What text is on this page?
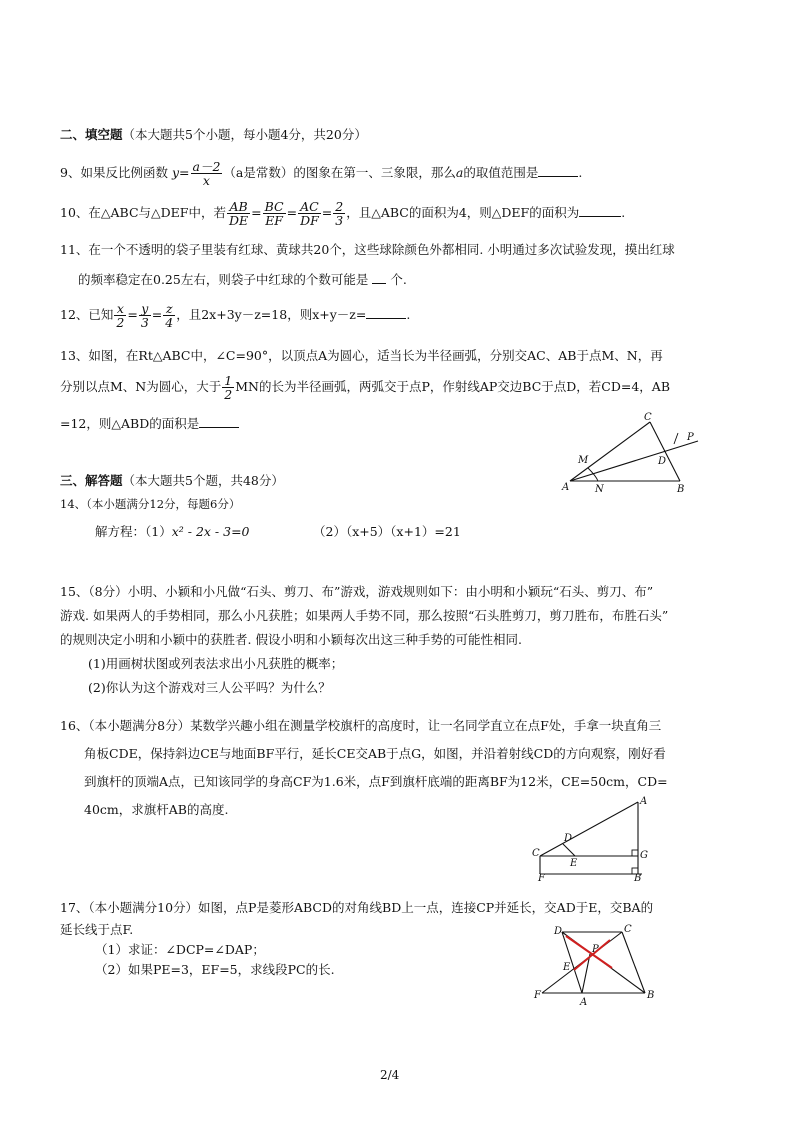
二、填空题（本大题共5个小题，每小题4分，共20分）
9、如果反比例函数 $y= \frac{a-2}{x} (a$是常数）的图象在第一、三象限，那么a的取值范围是	.
10、在△ABC与△DEF中，若 $\frac{AB}{DE} = \frac{BC}{EF} = \frac{AC}{DF} = \frac{2}{3}$ ，且△ABC的面积为4，则△DEF的面积为	.
11、在一个不透明的袋子里装有红球、黄球共20个，这些球除颜色外都相同. 小明通过多次试验发现，摸出红球
的频率稳定在0.25左右，则袋子中红球的个数可能是 个.
12、已知 $\frac{x}{2} = \frac{y}{3} = \frac{z}{4}$ ，且2x+3y－z=18，则x+y－z=	.
13、如图，在Rt△ABC中，∠C=90°，以顶点A为圆心，适当长为半径画弧，分别交AC、AB于点M、N，再
分别以点M、N为圆心，大于 $\frac{1}{2}$ MN的长为半径画弧，两弧交于点P，作射线AP交边BC于点D，若CD=4，AB
=12，则△ABD的面积是	C
P
M	D
A	N	B
三、解答题（本大题共5个题，共48分）
14、（本小题满分12分，每题6分）
解方程：（1）x² - 2x - 3=0	（2）（x+5）（x+1）=21
15、（8分）小明、小颖和小凡做“石头、剪刀、布”游戏，游戏规则如下：由小明和小颖玩“石头、剪刀、布”
游戏. 如果两人的手势相同，那么小凡获胜；如果两人手势不同，那么按照“石头胜剪刀，剪刀胜布，布胜石头”
的规则决定小明和小颖中的获胜者. 假设小明和小颖每次出这三种手势的可能性相同.
(1)用画树状图或列表法求出小凡获胜的概率；
(2)你认为这个游戏对三人公平吗？为什么？
16、（本小题满分8分）某数学兴趣小组在测量学校旗杆的高度时，让一名同学直立在点F处，手拿一块直角三
角板CDE，保持斜边CE与地面BF平行，延长CE交AB于点G，如图，并沿着射线CD的方向观察，刚好看
到旗杆的顶端A点，已知该同学的身高CF为1.6米，点F到旗杆底端的距离BF为12米，CE=50cm，CD=
40cm，求旗杆AB的高度.
A
D
C
E
G
F	B
17、（本小题满分10分）如图，点P是菱形ABCD的对角线BD上一点，连接CP并延长，交AD于E，交BA的
延长线于点F.
（1）求证：∠DCP=∠DAP；
（2）如果PE=3，EF=5，求线段PC的长.
D	C
P
E
F
A
B
2/4
